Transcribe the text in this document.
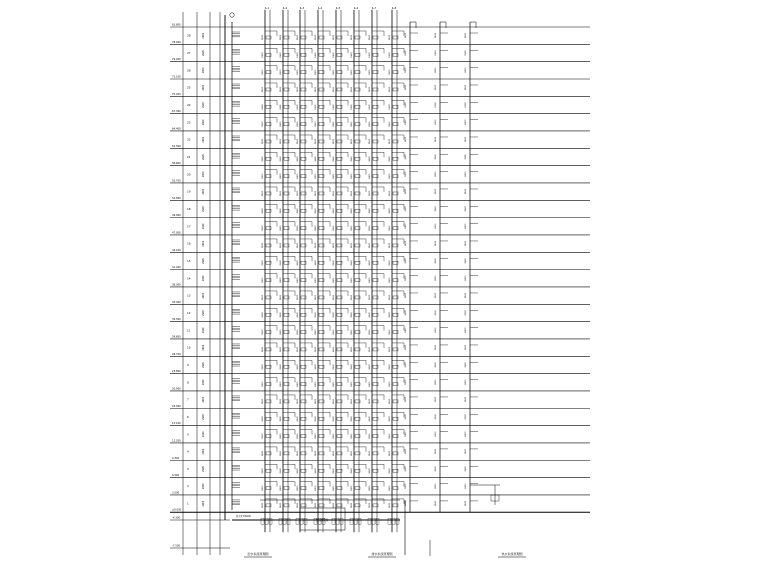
81.800
28	2900
78.900
27	2900
76.000
26	2900
73.100
25	2900
70.200
24	2900
67.300
23	2900
64.400
22	2900
61.500
21	2900
58.600
20	2900
55.700
19	2900
52.800
18	2900
49.900
17	2900
47.000
16	2900
44.100
15	2900
41.200
14	2900
38.300
13	2900
35.400
12	2900
32.500
11	2900
29.600
10	2900
26.700
9	2900
23.800
8	2900
20.900
7	2900
18.000
6	2900
15.100
5	2900
12.200
4	2900
9.300
3	2900
6.400
2	2900
3.500
1	2900
±0.000
-4.300
-7.500
JL-1
DN20
DN20
DN20
DN20
DN20
DN20
DN20
DN20
DN20
DN20
DN20
DN20
DN20
DN20
DN20
DN20
DN20
DN20
DN20
DN20
DN20
DN20
DN20
DN20
DN20
DN20
DN20
DN20
JL-2
DN20
DN20
DN20
DN20
DN20
DN20
DN20
DN20
DN20
DN20
DN20
DN20
DN20
DN20
DN20
DN20
DN20
DN20
DN20
DN20
DN20
DN20
DN20
DN20
DN20
DN20
DN20
DN20
JL-3
DN20
DN20
DN20
DN20
DN20
DN20
DN20
DN20
DN20
DN20
DN20
DN20
DN20
DN20
DN20
DN20
DN20
DN20
DN20
DN20
DN20
DN20
DN20
DN20
DN20
DN20
DN20
DN20
JL-4
DN20
DN20
DN20
DN20
DN20
DN20
DN20
DN20
DN20
DN20
DN20
DN20
DN20
DN20
DN20
DN20
DN20
DN20
DN20
DN20
DN20
DN20
DN20
DN20
DN20
DN20
DN20
DN20
JL-5
DN20
DN20
DN20
DN20
DN20
DN20
DN20
DN20
DN20
DN20
DN20
DN20
DN20
DN20
DN20
DN20
DN20
DN20
DN20
DN20
DN20
DN20
DN20
DN20
DN20
DN20
DN20
DN20
JL-6
DN20
DN20
DN20
DN20
DN20
DN20
DN20
DN20
DN20
DN20
DN20
DN20
DN20
DN20
DN20
DN20
DN20
DN20
DN20
DN20
DN20
DN20
DN20
DN20
DN20
DN20
DN20
DN20
JL-7
DN20
DN20
DN20
DN20
DN20
DN20
DN20
DN20
DN20
DN20
DN20
DN20
DN20
DN20
DN20
DN20
DN20
DN20
DN20
DN20
DN20
DN20
DN20
DN20
DN20
DN20
DN20
DN20
JL-8
DN20
DN20
DN20
DN20
DN20
DN20
DN20
DN20
DN20
DN20
DN20
DN20
DN20
DN20
DN20
DN20
DN20
DN20
DN20
DN20
DN20
DN20
DN20
DN20
DN20
DN20
DN20
DN20
DN20
DN20
DN20
DN20
DN20
DN20
DN20
DN20
DN20
DN20
DN20
DN20
DN20
DN20
DN20
DN20
DN20
DN20
DN20
DN20
DN20
DN20
DN20
DN20
DN20
DN20
DN20
DN20
DN20
DN20
DN20
DN20
DN20
DN20
DN20
DN20
DN20
DN20
DN20
DN20
DN20
DN20
DN20
DN20
DN20
DN20
DN20
DN20
DN20
DN20
DN20
DN20
DN20
DN20
DN20
DN20
DN20
DN20
DN20
DN20
DN20
DN20
DN20
DN20
DN20
DN20
DN20
DN20
DN20
DN20
DN20
DN20
DN20
DN20
DN20
DN20
DN20
DN20
DN20
DN20
DN20
DN20
DN20
DN20
生活水泵房
给水管 DN100
给水系统原理图	排水系统原理图	热水系统原理图
